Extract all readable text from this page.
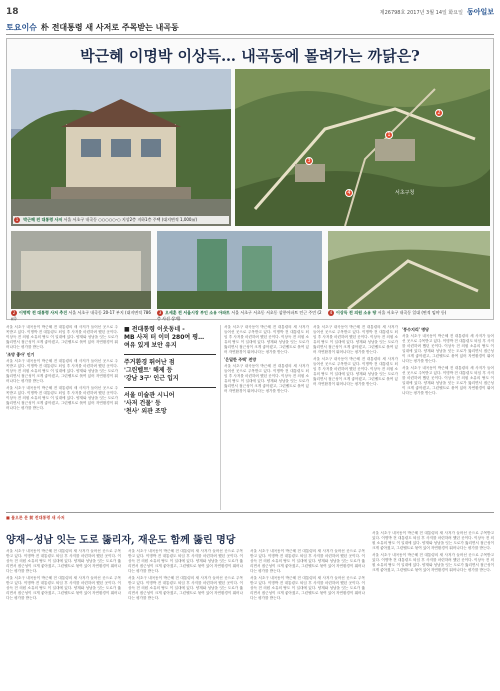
18	제26798호 2017년 3월 14일 화요일 동아일보
토요이슈 朴 전대통령 새 사저로 주목받는 내곡동
박근혜 이명박 이상득… 내곡동에 몰려가는 까닭은?
1 박근혜 전 대통령 사저 서울 서초구 내곡동 ○○○○○-○ 지상2층 지하1층 주택 (대지면적 1,000㎡)
1
2
3
4	서초구청
2 이명박 전 대통령 사저 추진 서울 서초구 내곡동 20-17 부지 (대지면적 786㎡)
3 오세훈 전 서울시장 부인 소유 아파트 서울 서초구 서초동 서초동 삼풍아파트 인근 주민 (2층 사선 상계)
4 이상득 전 의원 소유 땅 서울 서초구 내곡동 일대 (면적 임야 등)

서울 서초구 내곡동이 박근혜 전 대통령의 새 사저가 들어선 곳으로 주목받고 있다. 이명박 전 대통령도 퇴임 후 사저를 마련하려 했던 곳이다. 이상득 전 의원 소유의 땅도 이 일대에 있다. 양재와 성남을 잇는 도로가 뚫리면서 접근성이 크게 좋아졌고, 그린벨트로 묶여 있어 자연환경이 뛰어나다는 평가를 받는다.

'조망 좋아' 인기

서울 서초구 내곡동이 박근혜 전 대통령의 새 사저가 들어선 곳으로 주목받고 있다. 이명박 전 대통령도 퇴임 후 사저를 마련하려 했던 곳이다. 이상득 전 의원 소유의 땅도 이 일대에 있다. 양재와 성남을 잇는 도로가 뚫리면서 접근성이 크게 좋아졌고, 그린벨트로 묶여 있어 자연환경이 뛰어나다는 평가를 받는다.

서울 서초구 내곡동이 박근혜 전 대통령의 새 사저가 들어선 곳으로 주목받고 있다. 이명박 전 대통령도 퇴임 후 사저를 마련하려 했던 곳이다. 이상득 전 의원 소유의 땅도 이 일대에 있다. 양재와 성남을 잇는 도로가 뚫리면서 접근성이 크게 좋아졌고, 그린벨트로 묶여 있어 자연환경이 뛰어나다는 평가를 받는다.

■ 전대통령 이웃동네 -
MB 사저 터 이미 280여 평…
여유 있게 보안 유지
주거환경 뛰어난 점
'그린벨트' 해제 등
'강남 3구' 인근 입지
서울 미술관 시니어
'사저 건물' 등
'천사' 외관 조망

서울 서초구 내곡동이 박근혜 전 대통령의 새 사저가 들어선 곳으로 주목받고 있다. 이명박 전 대통령도 퇴임 후 사저를 마련하려 했던 곳이다. 이상득 전 의원 소유의 땅도 이 일대에 있다. 양재와 성남을 잇는 도로가 뚫리면서 접근성이 크게 좋아졌고, 그린벨트로 묶여 있어 자연환경이 뛰어나다는 평가를 받는다.

'은밀한 주택' 전망

서울 서초구 내곡동이 박근혜 전 대통령의 새 사저가 들어선 곳으로 주목받고 있다. 이명박 전 대통령도 퇴임 후 사저를 마련하려 했던 곳이다. 이상득 전 의원 소유의 땅도 이 일대에 있다. 양재와 성남을 잇는 도로가 뚫리면서 접근성이 크게 좋아졌고, 그린벨트로 묶여 있어 자연환경이 뛰어나다는 평가를 받는다.

서울 서초구 내곡동이 박근혜 전 대통령의 새 사저가 들어선 곳으로 주목받고 있다. 이명박 전 대통령도 퇴임 후 사저를 마련하려 했던 곳이다. 이상득 전 의원 소유의 땅도 이 일대에 있다. 양재와 성남을 잇는 도로가 뚫리면서 접근성이 크게 좋아졌고, 그린벨트로 묶여 있어 자연환경이 뛰어나다는 평가를 받는다.

서울 서초구 내곡동이 박근혜 전 대통령의 새 사저가 들어선 곳으로 주목받고 있다. 이명박 전 대통령도 퇴임 후 사저를 마련하려 했던 곳이다. 이상득 전 의원 소유의 땅도 이 일대에 있다. 양재와 성남을 잇는 도로가 뚫리면서 접근성이 크게 좋아졌고, 그린벨트로 묶여 있어 자연환경이 뛰어나다는 평가를 받는다.

'풍수지리' 명당

서울 서초구 내곡동이 박근혜 전 대통령의 새 사저가 들어선 곳으로 주목받고 있다. 이명박 전 대통령도 퇴임 후 사저를 마련하려 했던 곳이다. 이상득 전 의원 소유의 땅도 이 일대에 있다. 양재와 성남을 잇는 도로가 뚫리면서 접근성이 크게 좋아졌고, 그린벨트로 묶여 있어 자연환경이 뛰어나다는 평가를 받는다.

서울 서초구 내곡동이 박근혜 전 대통령의 새 사저가 들어선 곳으로 주목받고 있다. 이명박 전 대통령도 퇴임 후 사저를 마련하려 했던 곳이다. 이상득 전 의원 소유의 땅도 이 일대에 있다. 양재와 성남을 잇는 도로가 뚫리면서 접근성이 크게 좋아졌고, 그린벨트로 묶여 있어 자연환경이 뛰어나다는 평가를 받는다.

■ 물오른 문 前 전대통령 새 사저
양재~성남 잇는 도로 뚫리자, 재운도 함께 뚫린 명당

서울 서초구 내곡동이 박근혜 전 대통령의 새 사저가 들어선 곳으로 주목받고 있다. 이명박 전 대통령도 퇴임 후 사저를 마련하려 했던 곳이다. 이상득 전 의원 소유의 땅도 이 일대에 있다. 양재와 성남을 잇는 도로가 뚫리면서 접근성이 크게 좋아졌고, 그린벨트로 묶여 있어 자연환경이 뛰어나다는 평가를 받는다.

서울 서초구 내곡동이 박근혜 전 대통령의 새 사저가 들어선 곳으로 주목받고 있다. 이명박 전 대통령도 퇴임 후 사저를 마련하려 했던 곳이다. 이상득 전 의원 소유의 땅도 이 일대에 있다. 양재와 성남을 잇는 도로가 뚫리면서 접근성이 크게 좋아졌고, 그린벨트로 묶여 있어 자연환경이 뛰어나다는 평가를 받는다.

서울 서초구 내곡동이 박근혜 전 대통령의 새 사저가 들어선 곳으로 주목받고 있다. 이명박 전 대통령도 퇴임 후 사저를 마련하려 했던 곳이다. 이상득 전 의원 소유의 땅도 이 일대에 있다. 양재와 성남을 잇는 도로가 뚫리면서 접근성이 크게 좋아졌고, 그린벨트로 묶여 있어 자연환경이 뛰어나다는 평가를 받는다.

서울 서초구 내곡동이 박근혜 전 대통령의 새 사저가 들어선 곳으로 주목받고 있다. 이명박 전 대통령도 퇴임 후 사저를 마련하려 했던 곳이다. 이상득 전 의원 소유의 땅도 이 일대에 있다. 양재와 성남을 잇는 도로가 뚫리면서 접근성이 크게 좋아졌고, 그린벨트로 묶여 있어 자연환경이 뛰어나다는 평가를 받는다.

서울 서초구 내곡동이 박근혜 전 대통령의 새 사저가 들어선 곳으로 주목받고 있다. 이명박 전 대통령도 퇴임 후 사저를 마련하려 했던 곳이다. 이상득 전 의원 소유의 땅도 이 일대에 있다. 양재와 성남을 잇는 도로가 뚫리면서 접근성이 크게 좋아졌고, 그린벨트로 묶여 있어 자연환경이 뛰어나다는 평가를 받는다.

서울 서초구 내곡동이 박근혜 전 대통령의 새 사저가 들어선 곳으로 주목받고 있다. 이명박 전 대통령도 퇴임 후 사저를 마련하려 했던 곳이다. 이상득 전 의원 소유의 땅도 이 일대에 있다. 양재와 성남을 잇는 도로가 뚫리면서 접근성이 크게 좋아졌고, 그린벨트로 묶여 있어 자연환경이 뛰어나다는 평가를 받는다.

서울 서초구 내곡동이 박근혜 전 대통령의 새 사저가 들어선 곳으로 주목받고 있다. 이명박 전 대통령도 퇴임 후 사저를 마련하려 했던 곳이다. 이상득 전 의원 소유의 땅도 이 일대에 있다. 양재와 성남을 잇는 도로가 뚫리면서 접근성이 크게 좋아졌고, 그린벨트로 묶여 있어 자연환경이 뛰어나다는 평가를 받는다.

서울 서초구 내곡동이 박근혜 전 대통령의 새 사저가 들어선 곳으로 주목받고 있다. 이명박 전 대통령도 퇴임 후 사저를 마련하려 했던 곳이다. 이상득 전 의원 소유의 땅도 이 일대에 있다. 양재와 성남을 잇는 도로가 뚫리면서 접근성이 크게 좋아졌고, 그린벨트로 묶여 있어 자연환경이 뛰어나다는 평가를 받는다.
